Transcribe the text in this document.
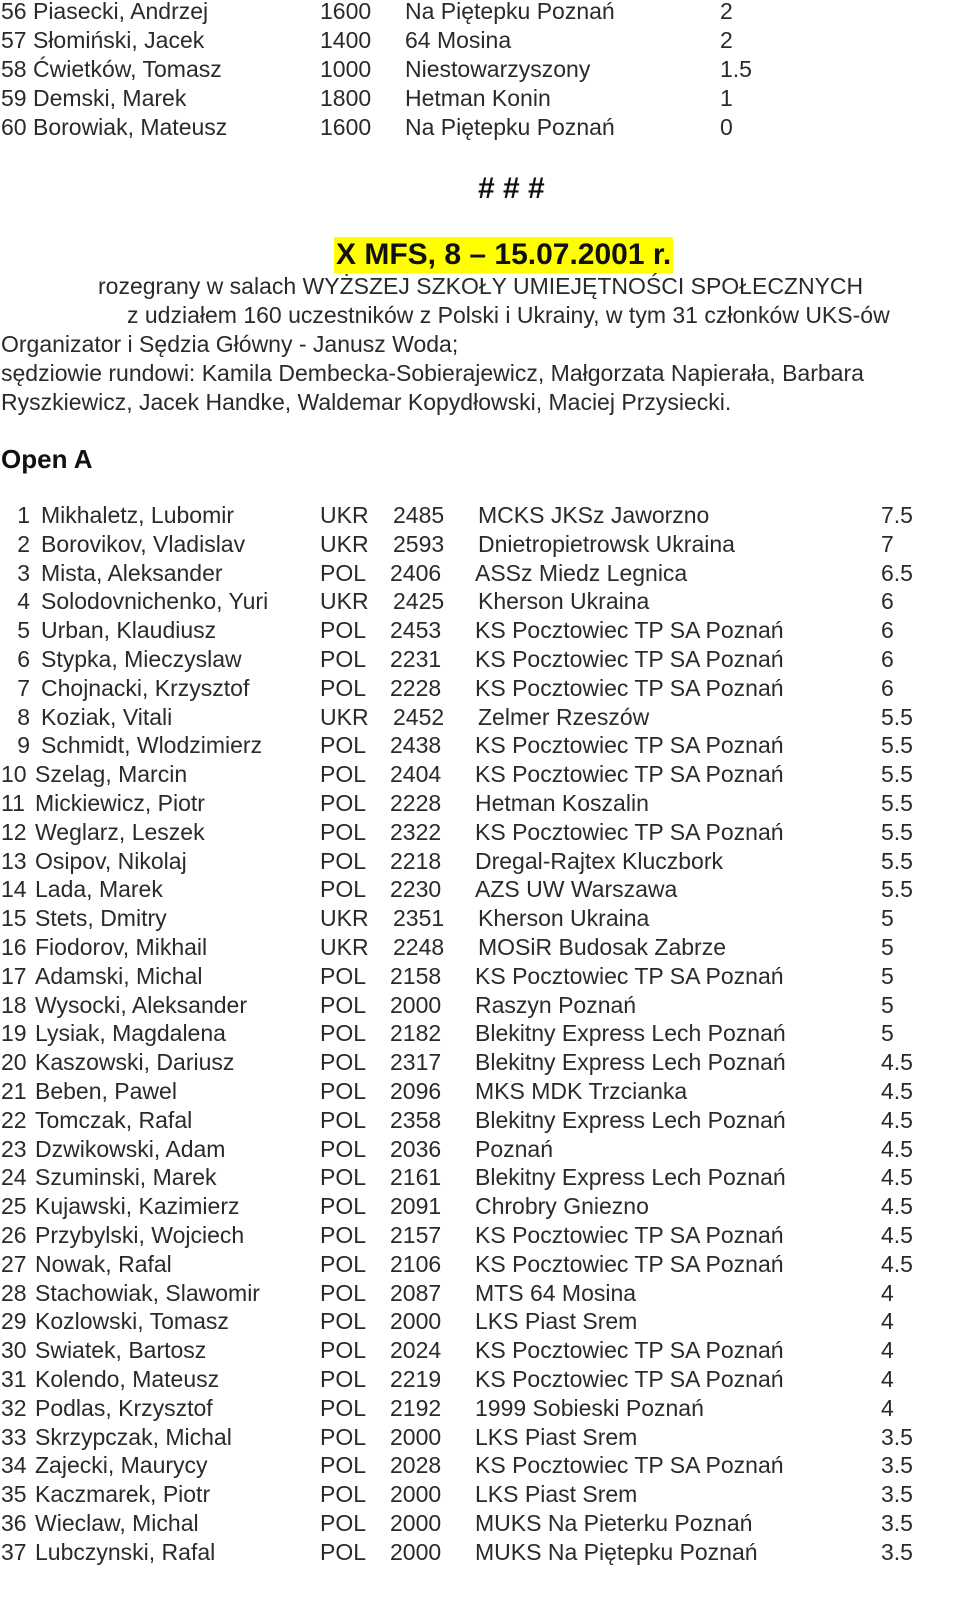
56 Piasecki, Andrzej	1600 Na Piętерku Poznań	2
57 Słomiński, Jacek	1400 64 Mosina	2
58 Ćwietków, Tomasz	1000 Niestowarzyszony	1.5
59 Demski, Marek	1800 Hetman Konin	1
60 Borowiak, Mateusz	1600 Na Piętерku Poznań	0
# # #
X MFS, 8 – 15.07.2001 r.
rozegrany w salach WYŻSZEJ SZKOŁY UMIEJĘTNOŚCI SPOŁECZNYCH
z udziałem 160 uczestników z Polski i Ukrainy, w tym 31 członków UKS-ów
Organizator i Sędzia Główny - Janusz Woda;
sędziowie rundowi: Kamila Dembecka-Sobierajewicz, Małgorzata Napierała, Barbara
Ryszkiewicz, Jacek Handke, Waldemar Kopydłowski, Maciej Przysiecki.
Open A
1 Mikhaletz, Lubomir	UKR 2485 MCKS JKSz Jaworzno	7.5
2 Borovikov, Vladislav	UKR 2593 Dnietropietrowsk Ukraina	7
3 Mista, Aleksander	POL 2406 ASSz Miedz Legnica	6.5
4 Solodovnichenko, Yuri UKR 2425 Kherson Ukraina	6
5 Urban, Klaudiusz	POL 2453 KS Pocztowiec TP SA Poznań	6
6 Stypka, Mieczyslaw	POL 2231 KS Pocztowiec TP SA Poznań	6
7 Chojnacki, Krzysztof	POL 2228 KS Pocztowiec TP SA Poznań	6
8 Koziak, Vitali	UKR 2452 Zelmer Rzeszów	5.5
9 Schmidt, Wlodzimierz	POL 2438 KS Pocztowiec TP SA Poznań	5.5
10 Szelag, Marcin	POL 2404 KS Pocztowiec TP SA Poznań	5.5
11 Mickiewicz, Piotr	POL 2228 Hetman Koszalin	5.5
12 Weglarz, Leszek	POL 2322 KS Pocztowiec TP SA Poznań	5.5
13 Osipov, Nikolaj	POL 2218 Dregal-Rajtex Kluczbork	5.5
14 Lada, Marek	POL 2230 AZS UW Warszawa	5.5
15 Stets, Dmitry	UKR 2351 Kherson Ukraina	5
16 Fiodorov, Mikhail	UKR 2248 MOSiR Budosak Zabrze	5
17 Adamski, Michal	POL 2158 KS Pocztowiec TP SA Poznań	5
18 Wysocki, Aleksander	POL 2000 Raszyn Poznań	5
19 Lysiak, Magdalena	POL 2182 Blekitny Express Lech Poznań	5
20 Kaszowski, Dariusz	POL 2317 Blekitny Express Lech Poznań	4.5
21 Beben, Pawel	POL 2096 MKS MDK Trzcianka	4.5
22 Tomczak, Rafal	POL 2358 Blekitny Express Lech Poznań	4.5
23 Dzwikowski, Adam	POL 2036 Poznań	4.5
24 Szuminski, Marek	POL 2161 Blekitny Express Lech Poznań	4.5
25 Kujawski, Kazimierz	POL 2091 Chrobry Gniezno	4.5
26 Przybylski, Wojciech	POL 2157 KS Pocztowiec TP SA Poznań	4.5
27 Nowak, Rafal	POL 2106 KS Pocztowiec TP SA Poznań	4.5
28 Stachowiak, Slawomir	POL 2087 MTS 64 Mosina	4
29 Kozlowski, Tomasz	POL 2000 LKS Piast Srem	4
30 Swiatek, Bartosz	POL 2024 KS Pocztowiec TP SA Poznań	4
31 Kolendo, Mateusz	POL 2219 KS Pocztowiec TP SA Poznań	4
32 Podlas, Krzysztof	POL 2192 1999 Sobieski Poznań	4
33 Skrzypczak, Michal	POL 2000 LKS Piast Srem	3.5
34 Zajecki, Maurycy	POL 2028 KS Pocztowiec TP SA Poznań	3.5
35 Kaczmarek, Piotr	POL 2000 LKS Piast Srem	3.5
36 Wieclaw, Michal	POL 2000 MUKS Na Pieterku Poznań	3.5
37 Lubczynski, Rafal	POL 2000 MUKS Na Piętерku Poznań	3.5
